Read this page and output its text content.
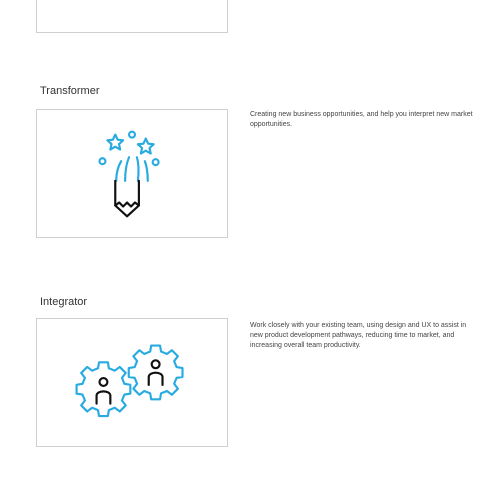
Transformer
Creating new business opportunities, and help you interpret new market opportunities.
Integrator
Work closely with your existing team, using design and UX to assist in new product development pathways, reducing time to market, and increasing overall team productivity.
